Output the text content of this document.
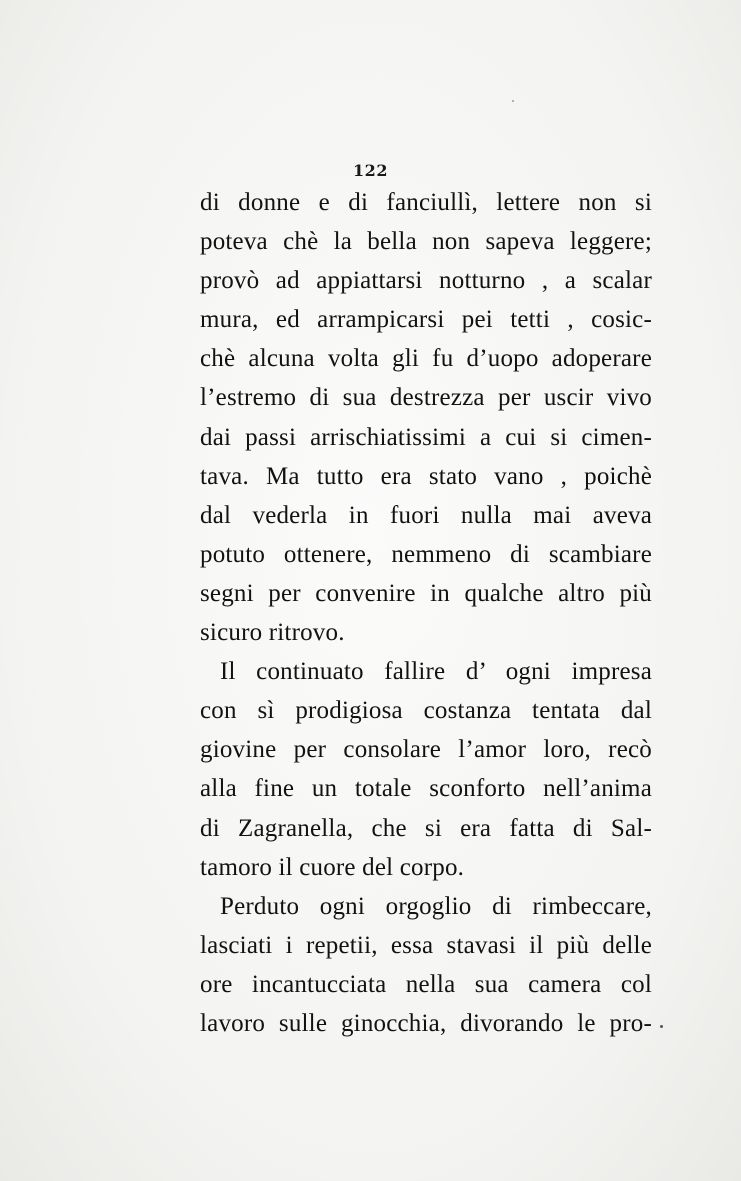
122
di donne e di fanciullì, lettere non si
poteva chè la bella non sapeva leggere;
provò ad appiattarsi notturno , a scalar
mura, ed arrampicarsi pei tetti , cosic-
chè alcuna volta gli fu d’uopo adoperare
l’estremo di sua destrezza per uscir vivo
dai passi arrischiatissimi a cui si cimen-
tava. Ma tutto era stato vano , poichè
dal vederla in fuori nulla mai aveva
potuto ottenere, nemmeno di scambiare
segni per convenire in qualche altro più
sicuro ritrovo.
Il continuato fallire d’ ogni impresa
con sì prodigiosa costanza tentata dal
giovine per consolare l’amor loro, recò
alla fine un totale sconforto nell’anima
di Zagranella, che si era fatta di Sal-
tamoro il cuore del corpo.
Perduto ogni orgoglio di rimbeccare,
lasciati i repetii, essa stavasi il più delle
ore incantucciata nella sua camera col
lavoro sulle ginocchia, divorando le pro-
